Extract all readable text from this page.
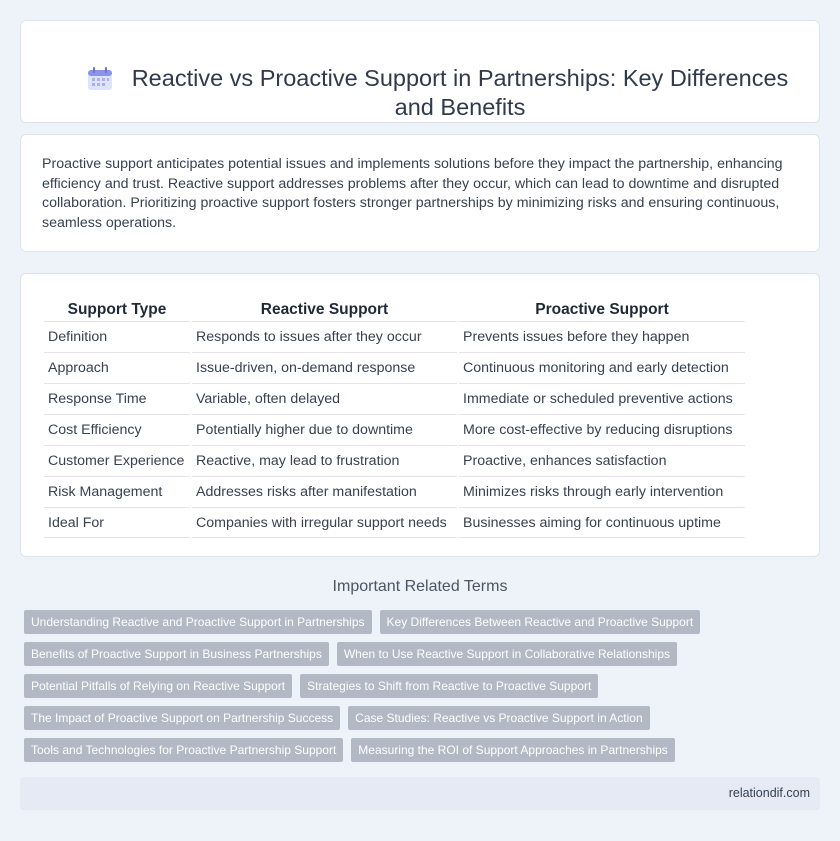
Reactive vs Proactive Support in Partnerships: Key Differences and Benefits

Proactive support anticipates potential issues and implements solutions before they impact the partnership, enhancing efficiency and trust. Reactive support addresses problems after they occur, which can lead to downtime and disrupted collaboration. Prioritizing proactive support fosters stronger partnerships by minimizing risks and ensuring continuous, seamless operations.

Support Type	Reactive Support	Proactive Support
Definition	Responds to issues after they occur	Prevents issues before they happen
Approach	Issue-driven, on-demand response	Continuous monitoring and early detection
Response Time	Variable, often delayed	Immediate or scheduled preventive actions
Cost Efficiency	Potentially higher due to downtime	More cost-effective by reducing disruptions
Customer Experience	Reactive, may lead to frustration	Proactive, enhances satisfaction
Risk Management	Addresses risks after manifestation	Minimizes risks through early intervention
Ideal For	Companies with irregular support needs	Businesses aiming for continuous uptime
Important Related Terms
Understanding Reactive and Proactive Support in Partnerships	Key Differences Between Reactive and Proactive Support
Benefits of Proactive Support in Business Partnerships	When to Use Reactive Support in Collaborative Relationships
Potential Pitfalls of Relying on Reactive Support	Strategies to Shift from Reactive to Proactive Support
The Impact of Proactive Support on Partnership Success	Case Studies: Reactive vs Proactive Support in Action
Tools and Technologies for Proactive Partnership Support	Measuring the ROI of Support Approaches in Partnerships
relationdif.com
